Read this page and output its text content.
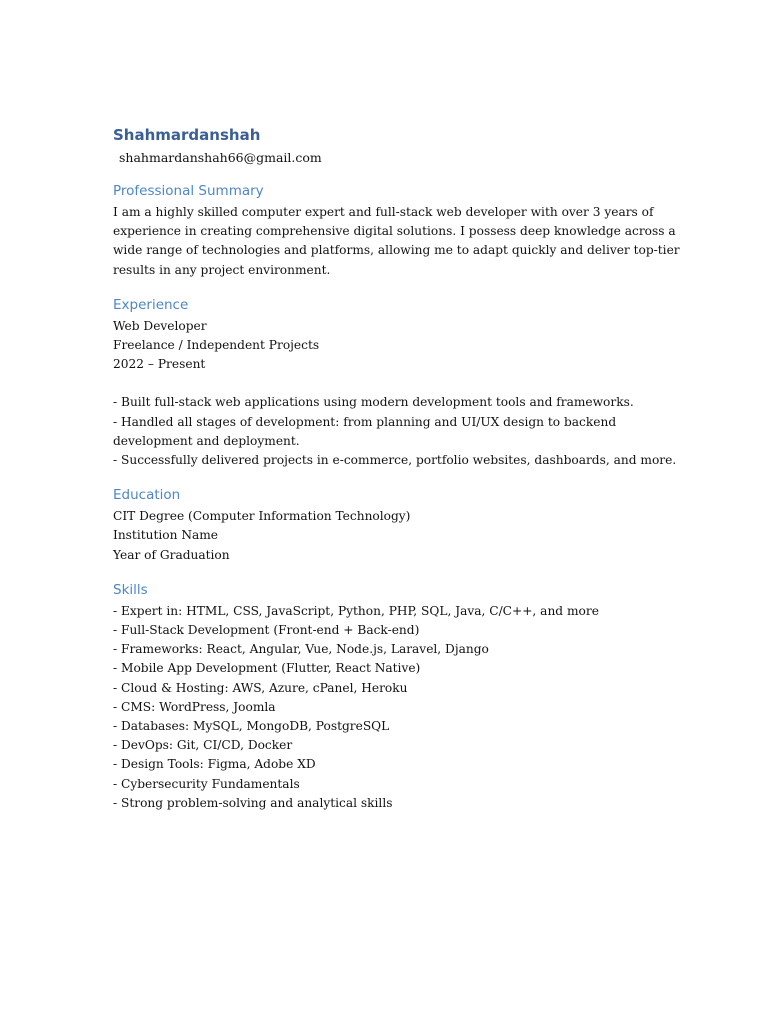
Shahmardanshah

shahmardanshah66@gmail.com

Professional Summary
I am a highly skilled computer expert and full-stack web developer with over 3 years of
experience in creating comprehensive digital solutions. I possess deep knowledge across a
wide range of technologies and platforms, allowing me to adapt quickly and deliver top-tier
results in any project environment.
Experience
Web Developer
Freelance / Independent Projects
2022 – Present
- Built full-stack web applications using modern development tools and frameworks.
- Handled all stages of development: from planning and UI/UX design to backend
development and deployment.
- Successfully delivered projects in e-commerce, portfolio websites, dashboards, and more.
Education
CIT Degree (Computer Information Technology)
Institution Name
Year of Graduation
Skills
- Expert in: HTML, CSS, JavaScript, Python, PHP, SQL, Java, C/C++, and more
- Full-Stack Development (Front-end + Back-end)
- Frameworks: React, Angular, Vue, Node.js, Laravel, Django
- Mobile App Development (Flutter, React Native)
- Cloud & Hosting: AWS, Azure, cPanel, Heroku
- CMS: WordPress, Joomla
- Databases: MySQL, MongoDB, PostgreSQL
- DevOps: Git, CI/CD, Docker
- Design Tools: Figma, Adobe XD
- Cybersecurity Fundamentals
- Strong problem-solving and analytical skills
